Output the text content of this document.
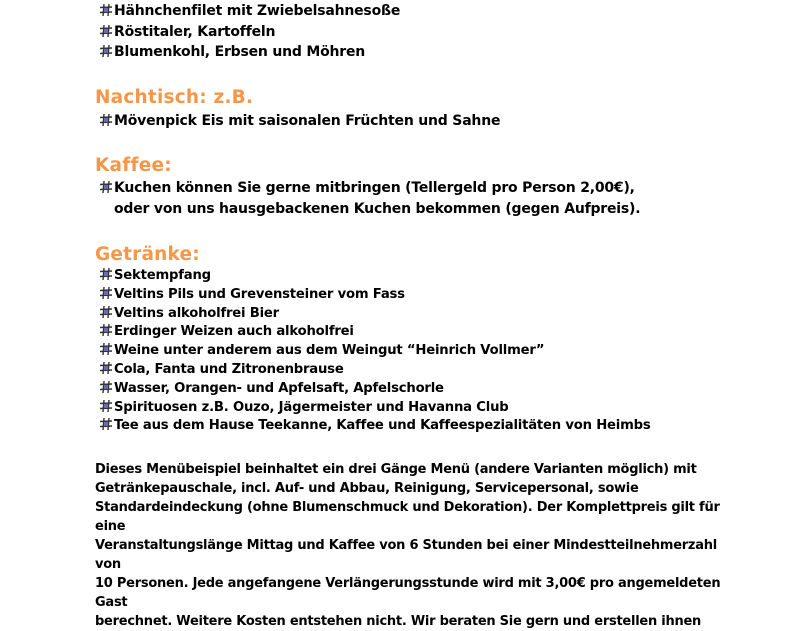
Hähnchenfilet mit Zwiebelsahnesoße
Röstitaler, Kartoffeln
Blumenkohl, Erbsen und Möhren
Nachtisch: z.B.
Mövenpick Eis mit saisonalen Früchten und Sahne
Kaffee:
Kuchen können Sie gerne mitbringen (Tellergeld pro Person 2,00€),
oder von uns hausgebackenen Kuchen bekommen (gegen Aufpreis).
Getränke:
Sektempfang
Veltins Pils und Grevensteiner vom Fass
Veltins alkoholfrei Bier
Erdinger Weizen auch alkoholfrei
Weine unter anderem aus dem Weingut “Heinrich Vollmer”
Cola, Fanta und Zitronenbrause
Wasser, Orangen- und Apfelsaft, Apfelschorle
Spirituosen z.B. Ouzo, Jägermeister und Havanna Club
Tee aus dem Hause Teekanne, Kaffee und Kaffeespezialitäten von Heimbs
Dieses Menübeispiel beinhaltet ein drei Gänge Menü (andere Varianten möglich) mit
Getränkepauschale, incl. Auf- und Abbau, Reinigung, Servicepersonal, sowie
Standardeindeckung (ohne Blumenschmuck und Dekoration). Der Komplettpreis gilt für eine
Veranstaltungslänge Mittag und Kaffee von 6 Stunden bei einer Mindestteilnehmerzahl von
10 Personen. Jede angefangene Verlängerungsstunde wird mit 3,00€ pro angemeldeten Gast
berechnet. Weitere Kosten entstehen nicht. Wir beraten Sie gern und erstellen ihnen
